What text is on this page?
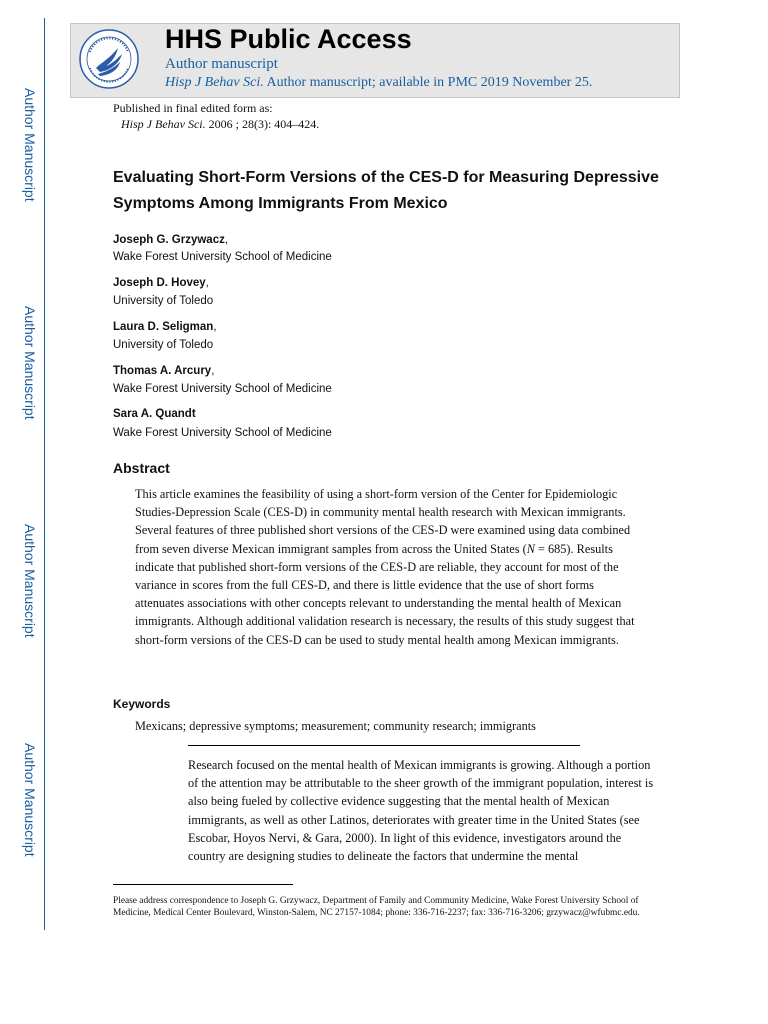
Author Manuscript
Author Manuscript
Author Manuscript
Author Manuscript
HHS Public Access
Author manuscript
Hisp J Behav Sci. Author manuscript; available in PMC 2019 November 25.
Published in final edited form as:
Hisp J Behav Sci. 2006 ; 28(3): 404–424.
Evaluating Short-Form Versions of the CES-D for Measuring Depressive Symptoms Among Immigrants From Mexico
Joseph G. Grzywacz,
Wake Forest University School of Medicine
Joseph D. Hovey,
University of Toledo
Laura D. Seligman,
University of Toledo
Thomas A. Arcury,
Wake Forest University School of Medicine
Sara A. Quandt
Wake Forest University School of Medicine
Abstract

This article examines the feasibility of using a short-form version of the Center for Epidemiologic Studies-Depression Scale (CES-D) in community mental health research with Mexican immigrants. Several features of three published short versions of the CES-D were examined using data combined from seven diverse Mexican immigrant samples from across the United States (N = 685). Results indicate that published short-form versions of the CES-D are reliable, they account for most of the variance in scores from the full CES-D, and there is little evidence that the use of short forms attenuates associations with other concepts relevant to understanding the mental health of Mexican immigrants. Although additional validation research is necessary, the results of this study suggest that short-form versions of the CES-D can be used to study mental health among Mexican immigrants.

Keywords
Mexicans; depressive symptoms; measurement; community research; immigrants

Research focused on the mental health of Mexican immigrants is growing. Although a portion of the attention may be attributable to the sheer growth of the immigrant population, interest is also being fueled by collective evidence suggesting that the mental health of Mexican immigrants, as well as other Latinos, deteriorates with greater time in the United States (see Escobar, Hoyos Nervi, & Gara, 2000). In light of this evidence, investigators around the country are designing studies to delineate the factors that undermine the mental

Please address correspondence to Joseph G. Grzywacz, Department of Family and Community Medicine, Wake Forest University School of Medicine, Medical Center Boulevard, Winston-Salem, NC 27157-1084; phone: 336-716-2237; fax: 336-716-3206; grzywacz@wfubmc.edu.
